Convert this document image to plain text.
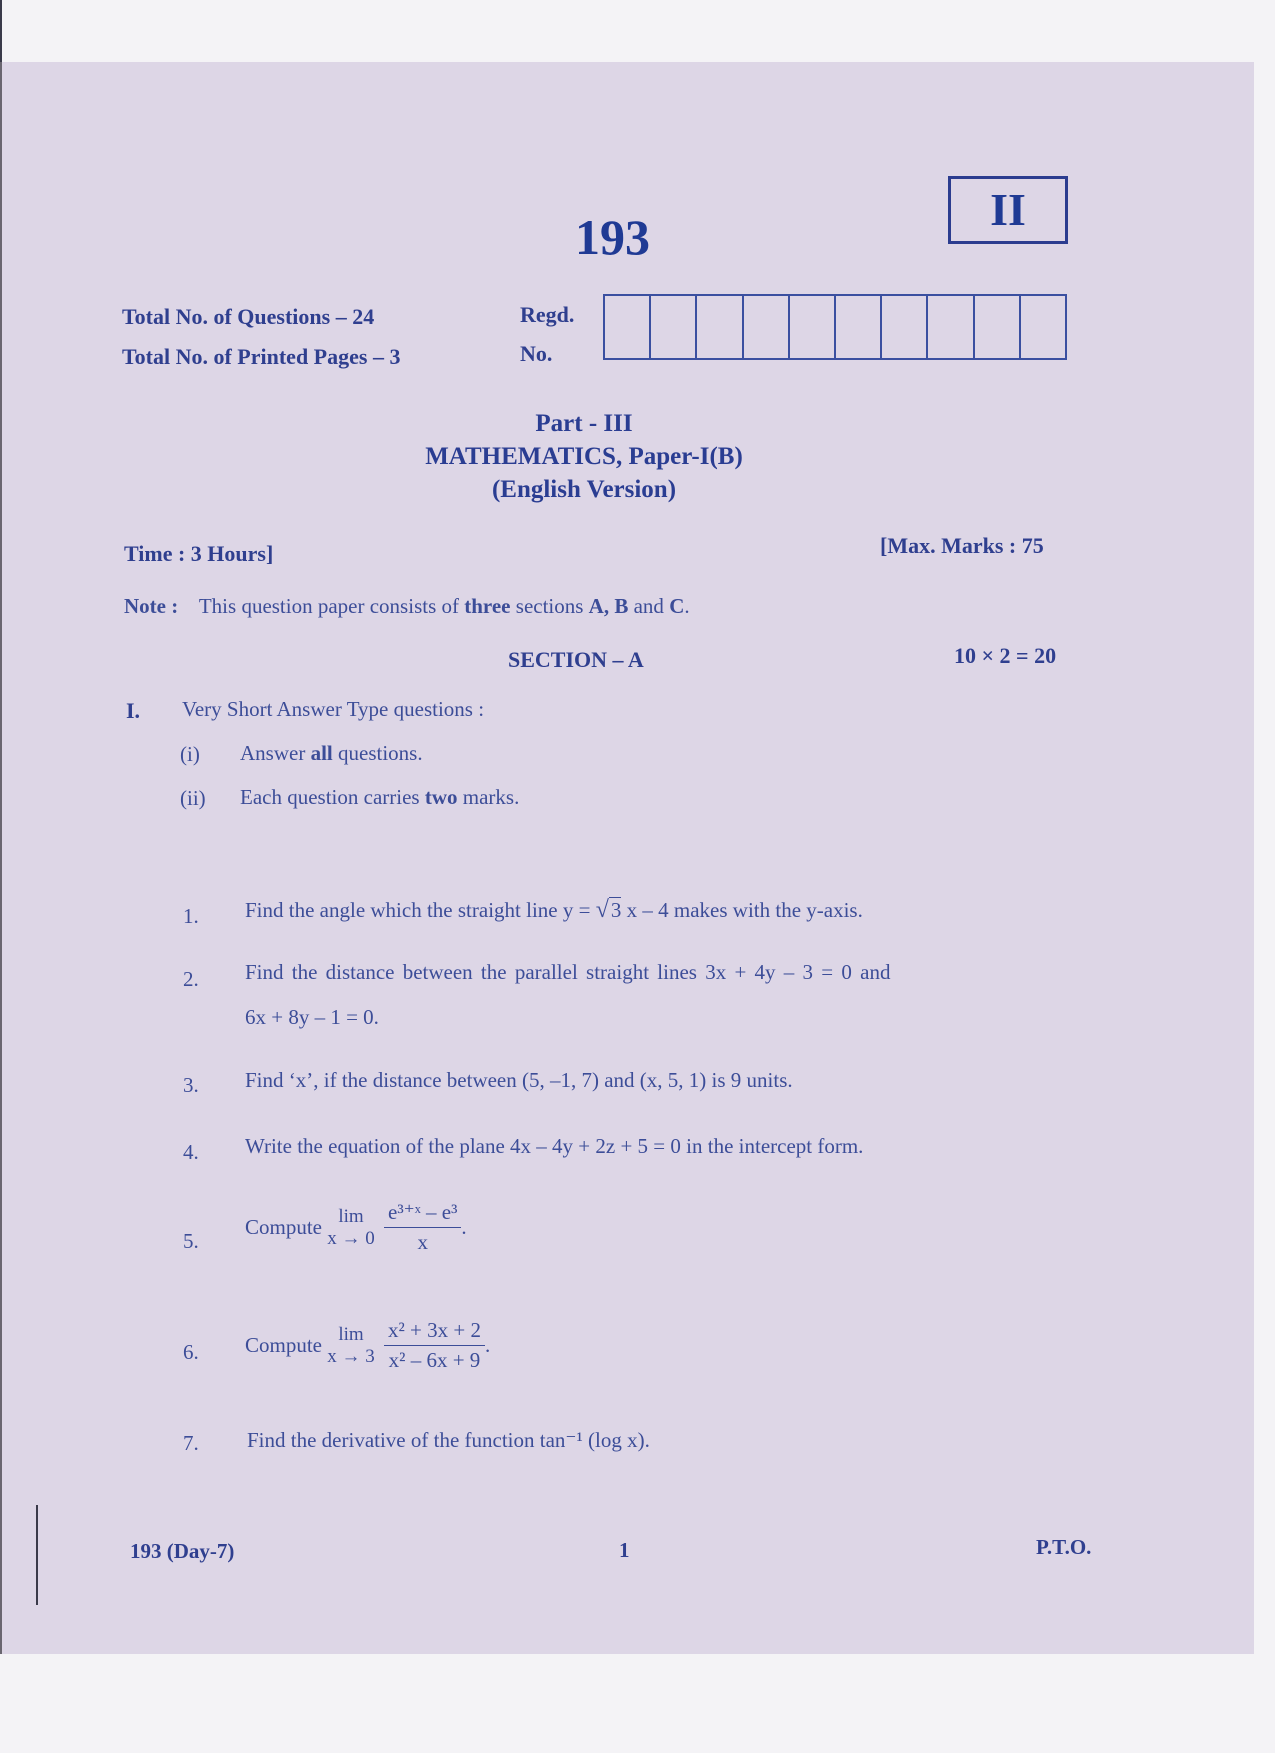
193	II
Total No. of Questions – 24
Total No. of Printed Pages – 3
Regd.
No.
Part - III
MATHEMATICS, Paper-I(B)
(English Version)
Time : 3 Hours]	[Max. Marks : 75
Note : This question paper consists of three sections A, B and C.
SECTION – A	10 × 2 = 20
I. Very Short Answer Type questions :
(i) Answer all questions.
(ii) Each question carries two marks.
1. Find the angle which the straight line y = √3 x – 4 makes with the y-axis.
2. Find the distance between the parallel straight lines 3x + 4y – 3 = 0 and
6x + 8y – 1 = 0.
3. Find ‘x’, if the distance between (5, –1, 7) and (x, 5, 1) is 9 units.
4. Write the equation of the plane 4x – 4y + 2z + 5 = 0 in the intercept form.
5.
Compute lim
x → 0
$\frac{\text{e³⁺ˣ – e³}}{x}$ .
6. Compute lim
x → 3
$\frac{\text{x² + 3x + 2}}{\text{x² – 6x + 9}}$ .
7. Find the derivative of the function tan⁻¹ (log x).
193 (Day-7)	1	P.T.O.
